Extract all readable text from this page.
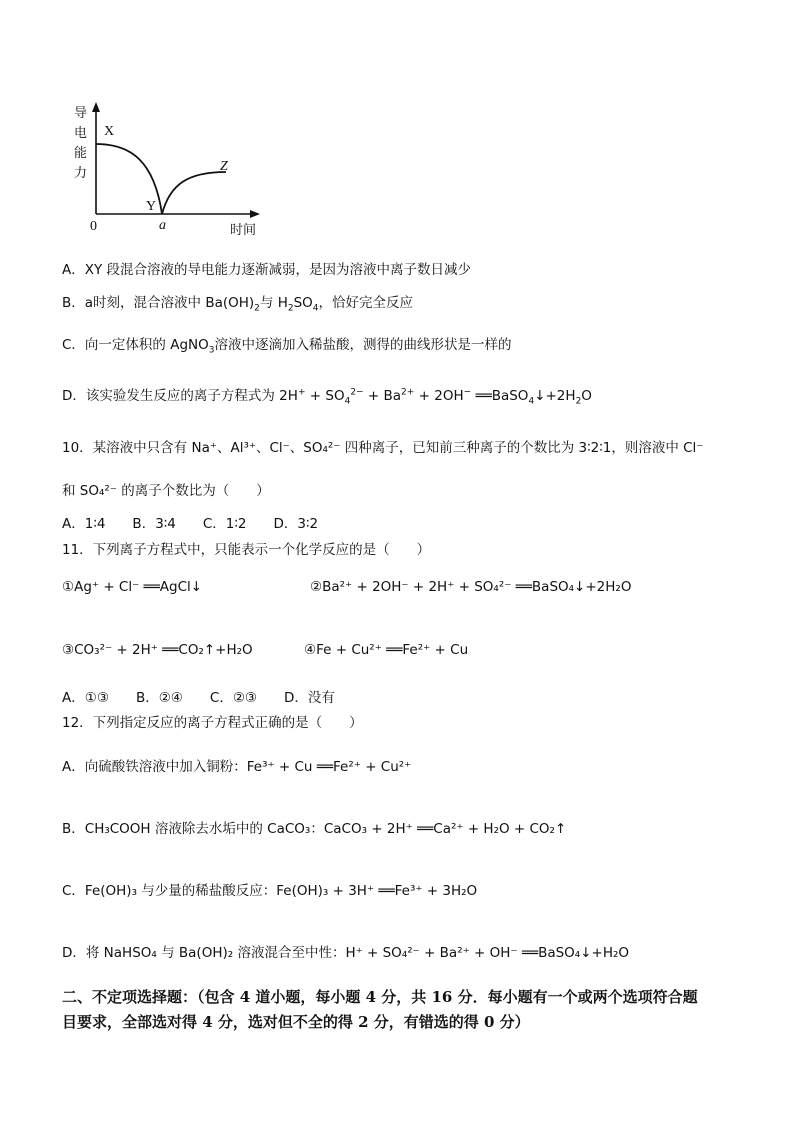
导
电
能
力
时间
X
Y
Z
0	a
A．XY 段混合溶液的导电能力逐渐减弱，是因为溶液中离子数日减少
B．a时刻，混合溶液中 $Ba(OH)_2$与 $H_2SO_4$，恰好完全反应
C．向一定体积的 AgNO$_3$溶液中逐滴加入稀盐酸，测得的曲线形状是一样的
D．该实验发生反应的离子方程式为 $2H^+ + SO_4^{2-} + Ba^{2+} + 2OH^-$ $══BaSO_4↓+2H_2O$
10．某溶液中只含有 Na⁺、Al³⁺、Cl⁻、SO₄²⁻ 四种离子，已知前三种离子的个数比为 3∶2∶1，则溶液中 Cl⁻
和 SO₄²⁻ 的离子个数比为（　　）
A．1∶4　　B．3∶4　　C．1∶2　　D．3∶2
11．下列离子方程式中，只能表示一个化学反应的是（　　）
①Ag⁺ + Cl⁻ ══AgCl↓	②Ba²⁺ + 2OH⁻ + 2H⁺ + SO₄²⁻ ══BaSO₄↓+2H₂O
③CO₃²⁻ + 2H⁺ ══CO₂↑+H₂O	④Fe + Cu²⁺ ══Fe²⁺ + Cu
A．①③　　B．②④　　C．②③　　D．没有
12．下列指定反应的离子方程式正确的是（　　）
A．向硫酸铁溶液中加入铜粉：Fe³⁺ + Cu ══Fe²⁺ + Cu²⁺
B．CH₃COOH 溶液除去水垢中的 CaCO₃：CaCO₃ + 2H⁺ ══Ca²⁺ + H₂O + CO₂↑
C．Fe(OH)₃ 与少量的稀盐酸反应：Fe(OH)₃ + 3H⁺ ══Fe³⁺ + 3H₂O
D．将 NaHSO₄ 与 Ba(OH)₂ 溶液混合至中性：H⁺ + SO₄²⁻ + Ba²⁺ + OH⁻ ══BaSO₄↓+H₂O
二、不定项选择题：（包含 4 道小题，每小题 4 分，共 16 分．每小题有一个或两个选项符合题
目要求，全部选对得 4 分，选对但不全的得 2 分，有错选的得 0 分）
